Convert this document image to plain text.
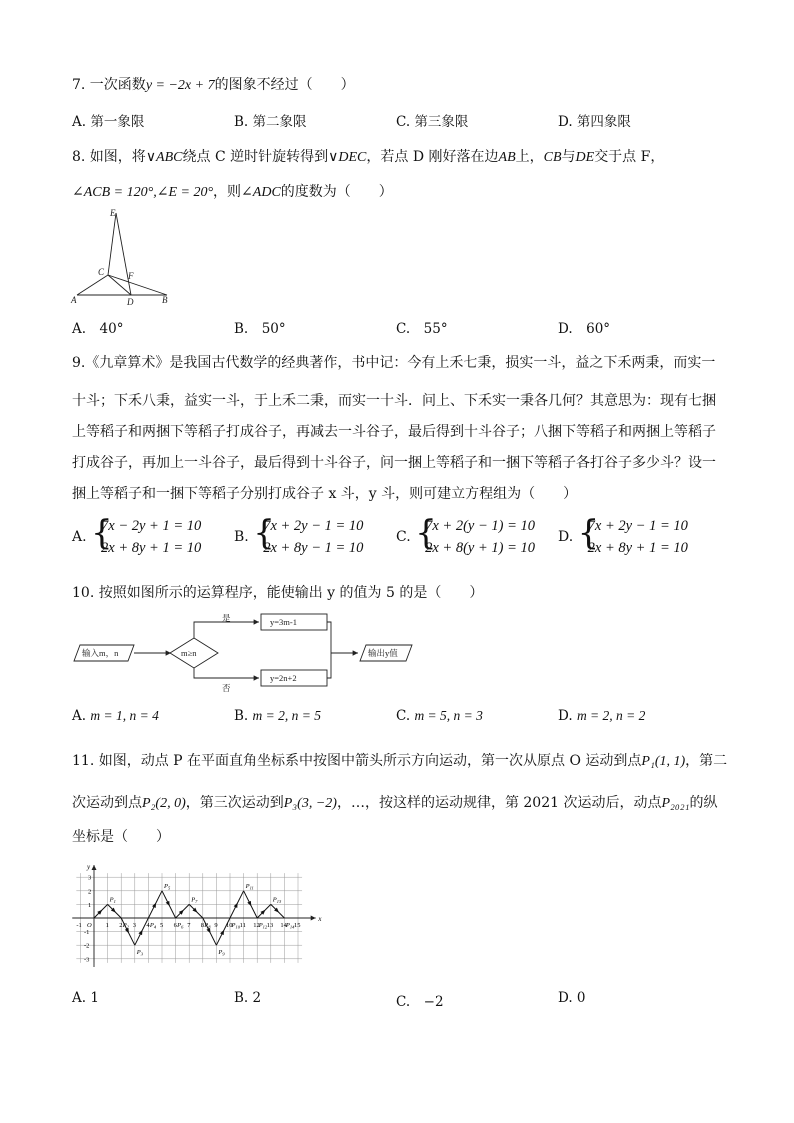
7. 一次函数y = −2x + 7的图象不经过（　　）
A. 第一象限	B. 第二象限	C. 第三象限	D. 第四象限
8. 如图，将∨ABC绕点 C 逆时针旋转得到∨DEC，若点 D 刚好落在边AB上，CB与DE交于点 F，
∠ACB = 120°,∠E = 20°，则∠ADC的度数为（　　）
E
C	F
A	D	B
A.　40°	B.　50°	C.　55°	D.　60°
9.《九章算术》是我国古代数学的经典著作，书中记：今有上禾七秉，损实一斗，益之下禾两秉，而实一
十斗；下禾八秉，益实一斗，于上禾二秉，而实一十斗．问上、下禾实一秉各几何？其意思为：现有七捆
上等稻子和两捆下等稻子打成谷子，再减去一斗谷子，最后得到十斗谷子；八捆下等稻子和两捆上等稻子
打成谷子，再加上一斗谷子，最后得到十斗谷子，问一捆上等稻子和一捆下等稻子各打谷子多少斗？设一
捆上等稻子和一捆下等稻子分别打成谷子 x 斗，y 斗，则可建立方程组为（　　）
A. {
7x − 2y + 1 = 10
2x + 8y + 1 = 10
B. {
7x + 2y − 1 = 10
2x + 8y − 1 = 10
C. {
7x + 2(y − 1) = 10
2x + 8(y + 1) = 10
D. {
7x + 2y − 1 = 10
2x + 8y + 1 = 10
10. 按照如图所示的运算程序，能使输出 y 的值为 5 的是（　　）
输入m，n	m≥n
是
否
y=3m-1
y=2n+2
输出y值
A. m = 1, n = 4	B. m = 2, n = 5	C. m = 5, n = 3	D. m = 2, n = 2
11. 如图，动点 P 在平面直角坐标系中按图中箭头所示方向运动，第一次从原点 O 运动到点P₁(1, 1)，第二
次运动到点P₂(2, 0)，第三次运动到P₃(3, −2)，…，按这样的运动规律，第 2021 次运动后，动点P₂₀₂₁的纵
坐标是（　　）
x
y
O
-1	1 2 3 4 5 6 7 8 9 10 11 12 13 14 15
3
2
1
-1
-2
-3
$P_1$
$P_2$
$P_3$
$P_4$
$P_5$
$P_6$
$P_7$
$P_8$
$P_9$
$P_{10}$
$P_{11}$
$P_{12}$
$P_{13}$
$P_{14}$
A. 1	B. 2	C.　−2	D. 0
